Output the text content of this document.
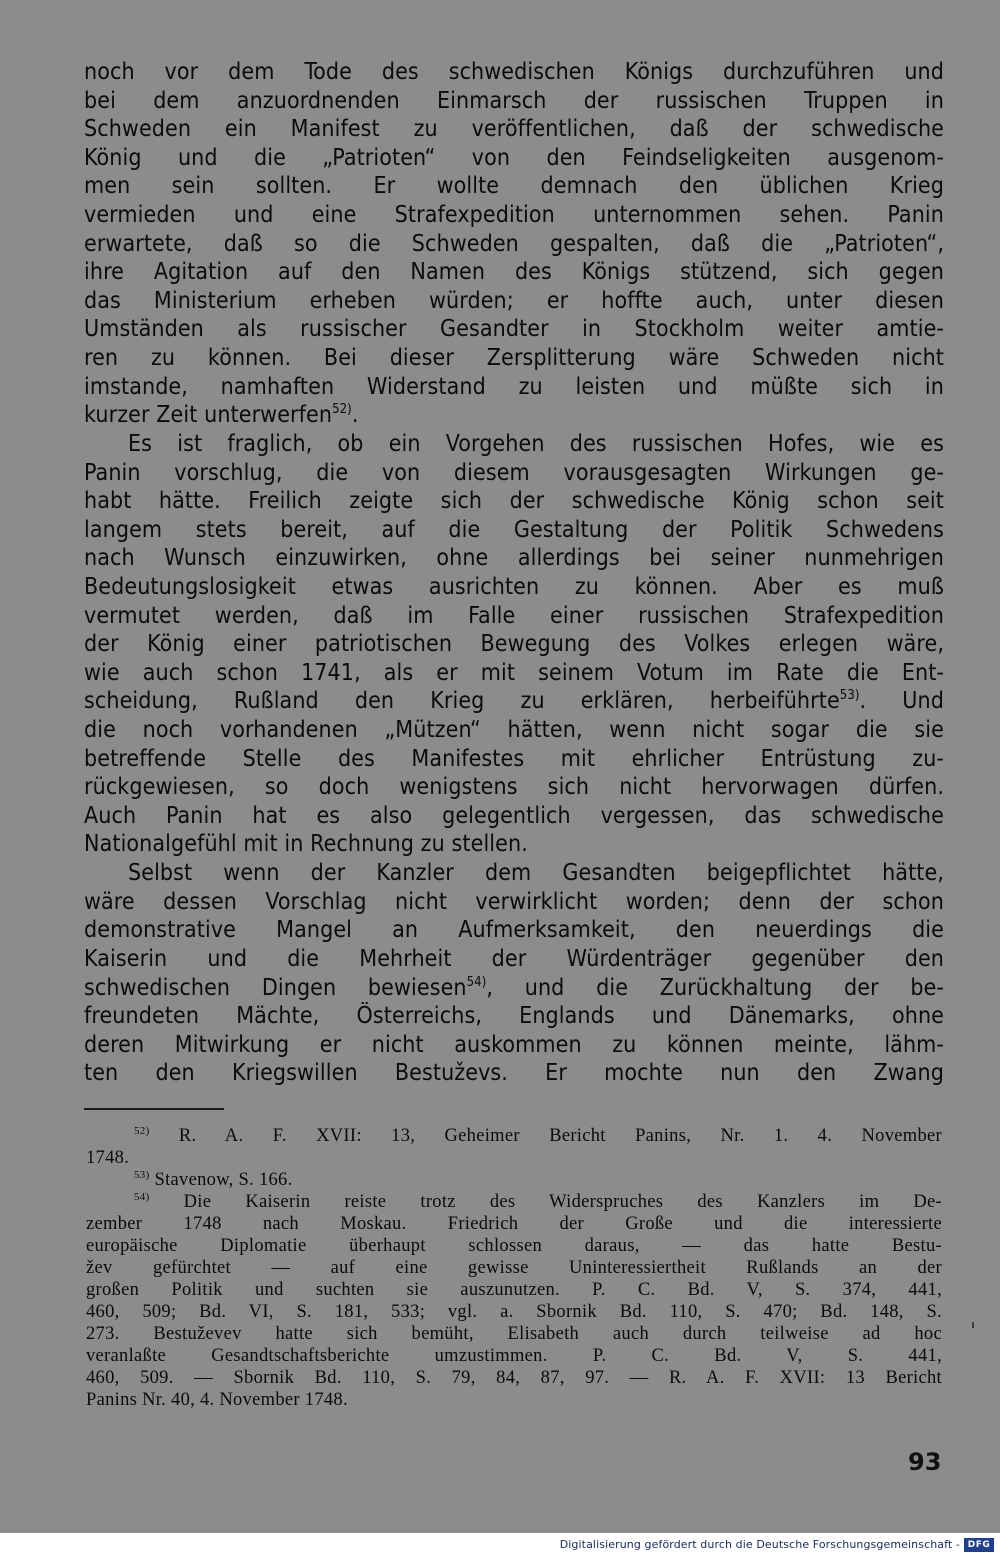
noch vor dem Tode des schwedischen Königs durchzuführen und
bei dem anzuordnenden Einmarsch der russischen Truppen in
Schweden ein Manifest zu veröffentlichen, daß der schwedische
König und die „Patrioten“ von den Feindseligkeiten ausgenom-
men sein sollten. Er wollte demnach den üblichen Krieg
vermieden und eine Strafexpedition unternommen sehen. Panin
erwartete, daß so die Schweden gespalten, daß die „Patrioten“,
ihre Agitation auf den Namen des Königs stützend, sich gegen
das Ministerium erheben würden; er hoffte auch, unter diesen
Umständen als russischer Gesandter in Stockholm weiter amtie-
ren zu können. Bei dieser Zersplitterung wäre Schweden nicht
imstande, namhaften Widerstand zu leisten und müßte sich in
kurzer Zeit unterwerfen$^{52)}$.
Es ist fraglich, ob ein Vorgehen des russischen Hofes, wie es
Panin vorschlug, die von diesem vorausgesagten Wirkungen ge-
habt hätte. Freilich zeigte sich der schwedische König schon seit
langem stets bereit, auf die Gestaltung der Politik Schwedens
nach Wunsch einzuwirken, ohne allerdings bei seiner nunmehrigen
Bedeutungslosigkeit etwas ausrichten zu können. Aber es muß
vermutet werden, daß im Falle einer russischen Strafexpedition
der König einer patriotischen Bewegung des Volkes erlegen wäre,
wie auch schon 1741, als er mit seinem Votum im Rate die Ent-
scheidung, Rußland den Krieg zu erklären, herbeiführte$^{53)}$. Und
die noch vorhandenen „Mützen“ hätten, wenn nicht sogar die sie
betreffende Stelle des Manifestes mit ehrlicher Entrüstung zu-
rückgewiesen, so doch wenigstens sich nicht hervorwagen dürfen.
Auch Panin hat es also gelegentlich vergessen, das schwedische
Nationalgefühl mit in Rechnung zu stellen.
Selbst wenn der Kanzler dem Gesandten beigepflichtet hätte,
wäre dessen Vorschlag nicht verwirklicht worden; denn der schon
demonstrative Mangel an Aufmerksamkeit, den neuerdings die
Kaiserin und die Mehrheit der Würdenträger gegenüber den
schwedischen Dingen bewiesen$^{54)}$, und die Zurückhaltung der be-
freundeten Mächte, Österreichs, Englands und Dänemarks, ohne
deren Mitwirkung er nicht auskommen zu können meinte, lähm-
ten den Kriegswillen Bestuževs. Er mochte nun den Zwang
$^{52)}$ R. A. F. XVII: 13, Geheimer Bericht Panins, Nr. 1. 4. November
1748.
$^{53)}$ Stavenow, S. 166.
$^{54)}$ Die Kaiserin reiste trotz des Widerspruches des Kanzlers im De-
zember 1748 nach Moskau. Friedrich der Große und die interessierte
europäische Diplomatie überhaupt schlossen daraus, — das hatte Bestu-
žev gefürchtet — auf eine gewisse Uninteressiertheit Rußlands an der
großen Politik und suchten sie auszunutzen. P. C. Bd. V, S. 374, 441,
460, 509; Bd. VI, S. 181, 533; vgl. a. Sbornik Bd. 110, S. 470; Bd. 148, S.
273. Bestuževev hatte sich bemüht, Elisabeth auch durch teilweise ad hoc
veranlaßte Gesandtschaftsberichte umzustimmen. P. C. Bd. V, S. 441,
460, 509. — Sbornik Bd. 110, S. 79, 84, 87, 97. — R. A. F. XVII: 13 Bericht
Panins Nr. 40, 4. November 1748.
93
Digitalisierung gefördert durch die Deutsche Forschungsgemeinschaft - DFG
